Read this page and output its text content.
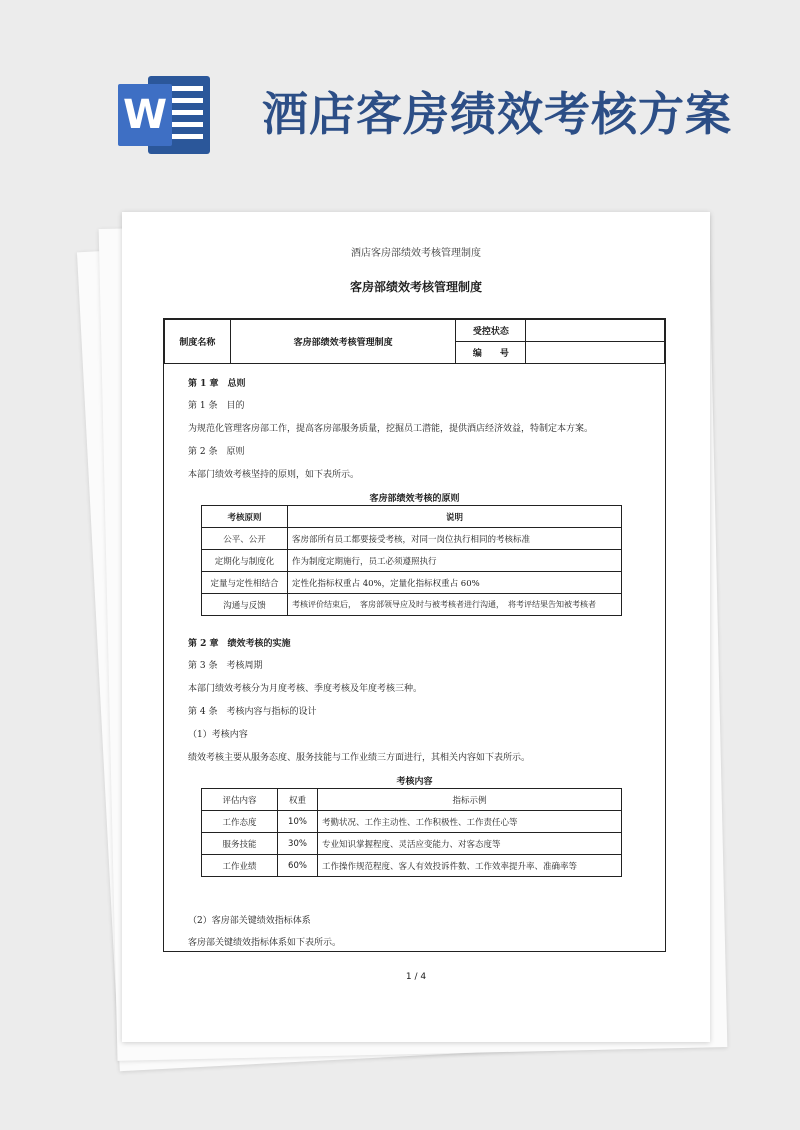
W 酒店客房绩效考核方案
酒店客房部绩效考核管理制度
客房部绩效考核管理制度
制度名称	客房部绩效考核管理制度	受控状态	
		编　　号	
第 1 章　总则
第 1 条　目的
为规范化管理客房部工作，提高客房部服务质量，挖掘员工潜能，提供酒店经济效益，特制定本方案。
第 2 条　原则
本部门绩效考核坚持的原则，如下表所示。
客房部绩效考核的原则
考核原则	说明
公平、公开	客房部所有员工都要接受考核，对同一岗位执行相同的考核标准
定期化与制度化	作为制度定期施行，员工必须遵照执行
定量与定性相结合	定性化指标权重占 40%，定量化指标权重占 60%
沟通与反馈	考核评价结束后，　客房部领导应及时与被考核者进行沟通，　将考评结果告知被考核者
第 2 章　绩效考核的实施
第 3 条　考核周期
本部门绩效考核分为月度考核、季度考核及年度考核三种。
第 4 条　考核内容与指标的设计
（1）考核内容
绩效考核主要从服务态度、服务技能与工作业绩三方面进行，其相关内容如下表所示。
考核内容
评估内容	权重	指标示例
工作态度	10%	考勤状况、工作主动性、工作积极性、工作责任心等
服务技能	30%	专业知识掌握程度、灵活应变能力、对客态度等
工作业绩	60%	工作操作规范程度、客人有效投诉件数、工作效率提升率、准确率等
（2）客房部关键绩效指标体系
客房部关键绩效指标体系如下表所示。
1 / 4
